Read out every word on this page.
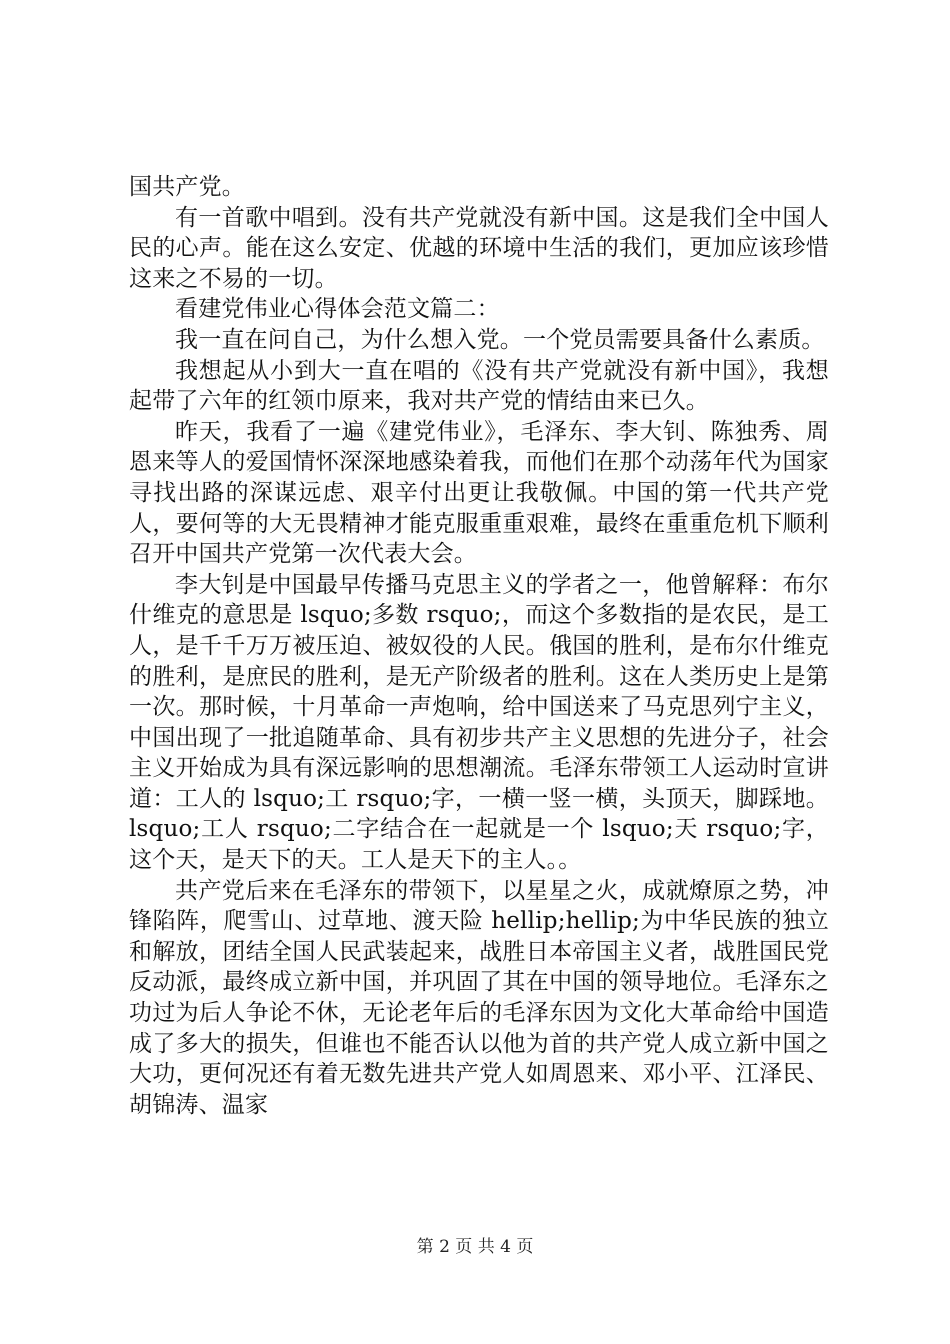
国共产党。

有一首歌中唱到。没有共产党就没有新中国。这是我们全中国人民的心声。能在这么安定、优越的环境中生活的我们，更加应该珍惜这来之不易的一切。

看建党伟业心得体会范文篇二：

我一直在问自己，为什么想入党。一个党员需要具备什么素质。

我想起从小到大一直在唱的《没有共产党就没有新中国》，我想起带了六年的红领巾原来，我对共产党的情结由来已久。

昨天，我看了一遍《建党伟业》，毛泽东、李大钊、陈独秀、周恩来等人的爱国情怀深深地感染着我，而他们在那个动荡年代为国家寻找出路的深谋远虑、艰辛付出更让我敬佩。中国的第一代共产党人，要何等的大无畏精神才能克服重重艰难，最终在重重危机下顺利召开中国共产党第一次代表大会。

李大钊是中国最早传播马克思主义的学者之一，他曾解释：布尔什维克的意思是 lsquo;多数 rsquo;，而这个多数指的是农民，是工人，是千千万万被压迫、被奴役的人民。俄国的胜利，是布尔什维克的胜利，是庶民的胜利，是无产阶级者的胜利。这在人类历史上是第一次。那时候，十月革命一声炮响，给中国送来了马克思列宁主义，中国出现了一批追随革命、具有初步共产主义思想的先进分子，社会主义开始成为具有深远影响的思想潮流。毛泽东带领工人运动时宣讲道：工人的 lsquo;工 rsquo;字，一横一竖一横，头顶天，脚踩地。lsquo;工人 rsquo;二字结合在一起就是一个 lsquo;天 rsquo;字，这个天，是天下的天。工人是天下的主人。。

共产党后来在毛泽东的带领下，以星星之火，成就燎原之势，冲锋陷阵，爬雪山、过草地、渡天险 hellip;hellip;为中华民族的独立和解放，团结全国人民武装起来，战胜日本帝国主义者，战胜国民党反动派，最终成立新中国，并巩固了其在中国的领导地位。毛泽东之功过为后人争论不休，无论老年后的毛泽东因为文化大革命给中国造成了多大的损失，但谁也不能否认以他为首的共产党人成立新中国之大功，更何况还有着无数先进共产党人如周恩来、邓小平、江泽民、胡锦涛、温家

第 2 页 共 4 页
